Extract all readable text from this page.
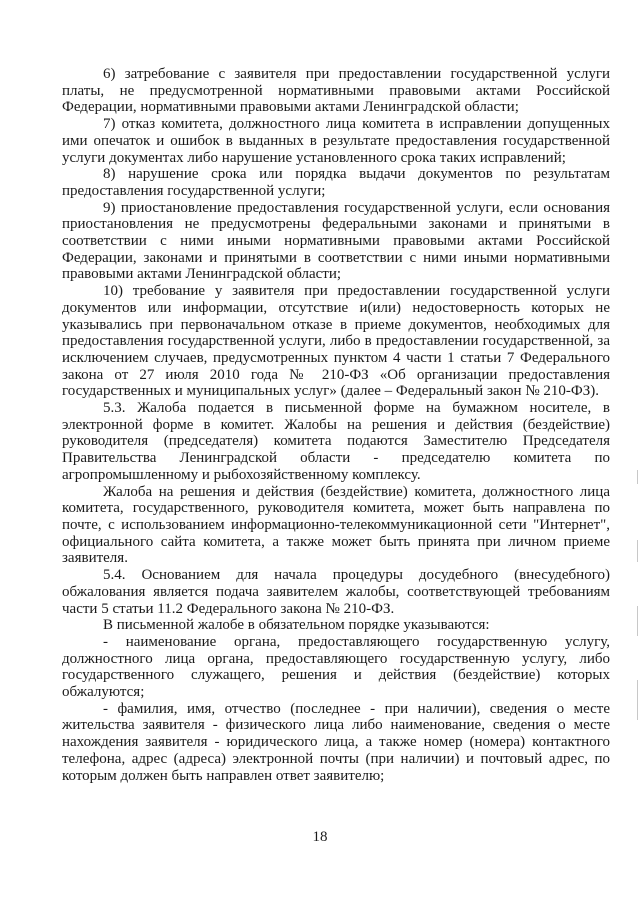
6) затребование с заявителя при предоставлении государственной услуги платы, не предусмотренной нормативными правовыми актами Российской Федерации, нормативными правовыми актами Ленинградской области;

7) отказ комитета, должностного лица комитета в исправлении допущенных ими опечаток и ошибок в выданных в результате предоставления государственной услуги документах либо нарушение установленного срока таких исправлений;

8) нарушение срока или порядка выдачи документов по результатам предоставления государственной услуги;

9) приостановление предоставления государственной услуги, если основания приостановления не предусмотрены федеральными законами и принятыми в соответствии с ними иными нормативными правовыми актами Российской Федерации, законами и принятыми в соответствии с ними иными нормативными правовыми актами Ленинградской области;

10) требование у заявителя при предоставлении государственной услуги документов или информации, отсутствие и(или) недостоверность которых не указывались при первоначальном отказе в приеме документов, необходимых для предоставления государственной услуги, либо в предоставлении государственной, за исключением случаев, предусмотренных пунктом 4 части 1 статьи 7 Федерального закона от 27 июля 2010 года № 210-ФЗ «Об организации предоставления государственных и муниципальных услуг» (далее – Федеральный закон № 210-ФЗ).

5.3. Жалоба подается в письменной форме на бумажном носителе, в электронной форме в комитет. Жалобы на решения и действия (бездействие) руководителя (председателя) комитета подаются Заместителю Председателя Правительства Ленинградской области - председателю комитета по агропромышленному и рыбохозяйственному комплексу.

Жалоба на решения и действия (бездействие) комитета, должностного лица комитета, государственного, руководителя комитета, может быть направлена по почте, с использованием информационно-телекоммуникационной сети "Интернет", официального сайта комитета, а также может быть принята при личном приеме заявителя.

5.4. Основанием для начала процедуры досудебного (внесудебного) обжалования является подача заявителем жалобы, соответствующей требованиям части 5 статьи 11.2 Федерального закона № 210-ФЗ.

В письменной жалобе в обязательном порядке указываются:

- наименование органа, предоставляющего государственную услугу, должностного лица органа, предоставляющего государственную услугу, либо государственного служащего, решения и действия (бездействие) которых обжалуются;

- фамилия, имя, отчество (последнее - при наличии), сведения о месте жительства заявителя - физического лица либо наименование, сведения о месте нахождения заявителя - юридического лица, а также номер (номера) контактного телефона, адрес (адреса) электронной почты (при наличии) и почтовый адрес, по которым должен быть направлен ответ заявителю;

18
